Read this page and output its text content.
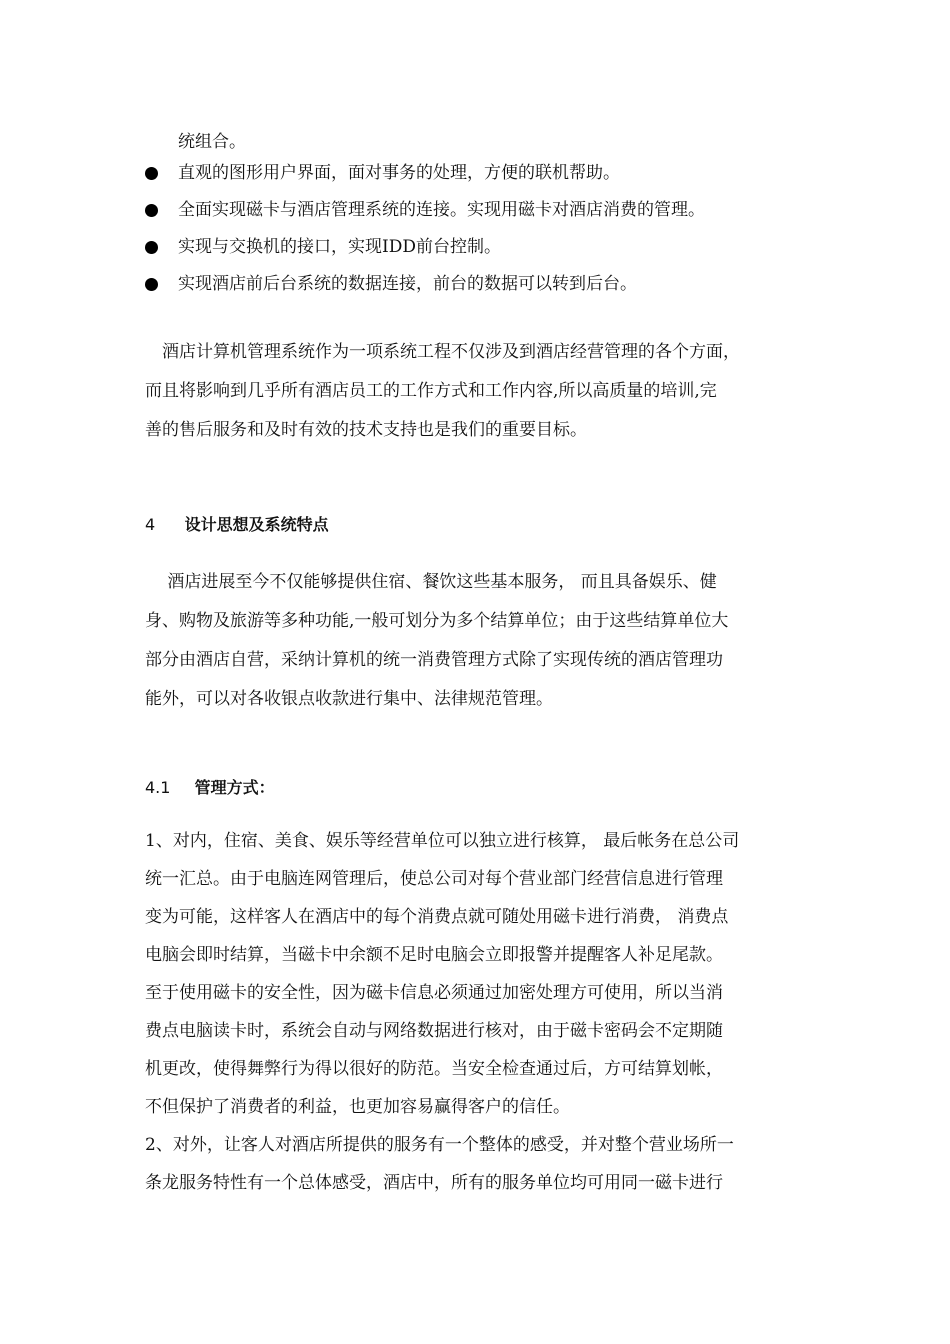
统组合。
直观的图形用户界面，面对事务的处理，方便的联机帮助。
全面实现磁卡与酒店管理系统的连接。实现用磁卡对酒店消费的管理。
实现与交换机的接口，实现IDD前台控制。
实现酒店前后台系统的数据连接，前台的数据可以转到后台。
　酒店计算机管理系统作为一项系统工程不仅涉及到酒店经营管理的各个方面，
而且将影响到几乎所有酒店员工的工作方式和工作内容,所以高质量的培训,完
善的售后服务和及时有效的技术支持也是我们的重要目标。
4 设计思想及系统特点
　 酒店进展至今不仅能够提供住宿、餐饮这些基本服务， 而且具备娱乐、健
身、购物及旅游等多种功能,一般可划分为多个结算单位；由于这些结算单位大
部分由酒店自营，采纳计算机的统一消费管理方式除了实现传统的酒店管理功
能外，可以对各收银点收款进行集中、法律规范管理。
4.1 管理方式：
1、对内，住宿、美食、娱乐等经营单位可以独立进行核算， 最后帐务在总公司
统一汇总。由于电脑连网管理后，使总公司对每个营业部门经营信息进行管理
变为可能，这样客人在酒店中的每个消费点就可随处用磁卡进行消费， 消费点
电脑会即时结算，当磁卡中余额不足时电脑会立即报警并提醒客人补足尾款。
至于使用磁卡的安全性，因为磁卡信息必须通过加密处理方可使用，所以当消
费点电脑读卡时，系统会自动与网络数据进行核对，由于磁卡密码会不定期随
机更改，使得舞弊行为得以很好的防范。当安全检查通过后，方可结算划帐，
不但保护了消费者的利益，也更加容易赢得客户的信任。
2、对外，让客人对酒店所提供的服务有一个整体的感受，并对整个营业场所一
条龙服务特性有一个总体感受，酒店中，所有的服务单位均可用同一磁卡进行
